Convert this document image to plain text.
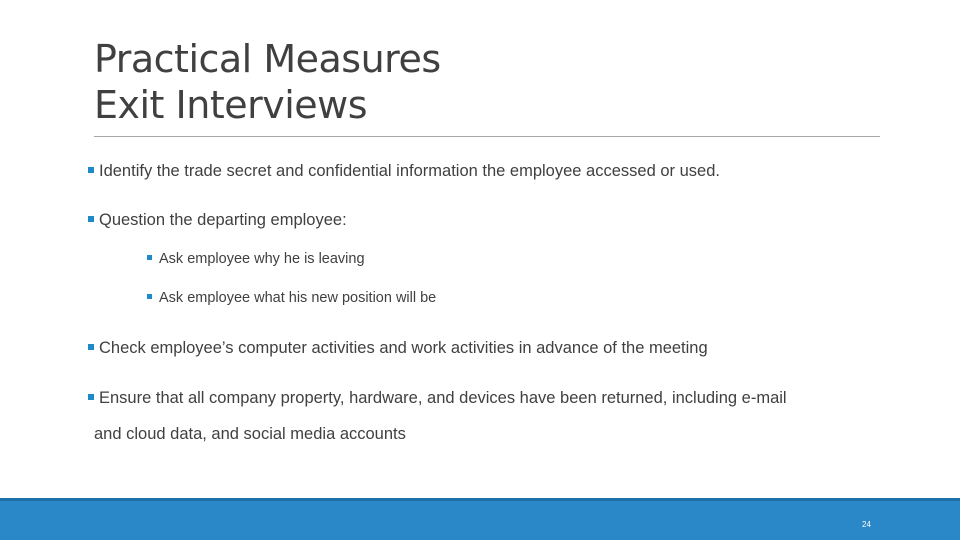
Practical Measures
Exit Interviews
Identify the trade secret and confidential information the employee accessed or used.
Question the departing employee:
Ask employee why he is leaving
Ask employee what his new position will be
Check employee’s computer activities and work activities in advance of the meeting
Ensure that all company property, hardware, and devices have been returned, including e-mail
and cloud data, and social media accounts
24
